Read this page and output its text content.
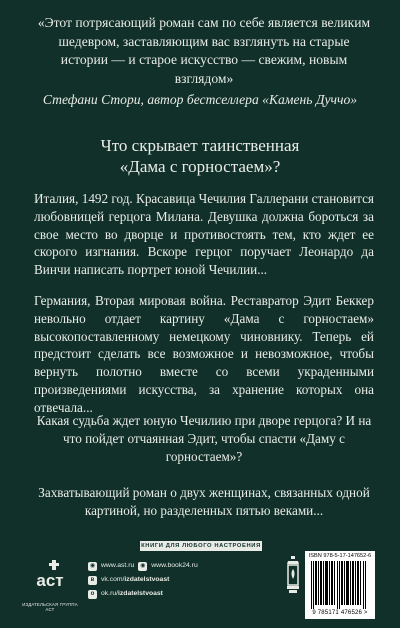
«Этот потрясающий роман сам по себе является великим шедевром, заставляющим вас взглянуть на старые истории — и старое искусство — свежим, новым взглядом»
Стефани Стори, автор бестселлера «Камень Дуччо»
Что скрывает таинственная
«Дама с горностаем»?
Италия, 1492 год. Красавица Чечилия Галлерани становится любовницей герцога Милана. Девушка должна бороться за свое место во дворце и противостоять тем, кто ждет ее скорого изгнания. Вскоре герцог поручает Леонардо да Винчи написать портрет юной Чечилии...
Германия, Вторая мировая война. Реставратор Эдит Беккер невольно отдает картину «Дама с горностаем» высокопоставленному немецкому чиновнику. Теперь ей предстоит сделать все возможное и невозможное, чтобы вернуть полотно вместе со всеми украденными произведениями искусства, за хранение которых она отвечала...
Какая судьба ждет юную Чечилию при дворе герцога? И на что пойдет отчаянная Эдит, чтобы спасти «Даму с горностаем»?
Захватывающий роман о двух женщинах, связанных одной картиной, но разделенных пятью веками...
КНИГИ ДЛЯ ЛЮБОГО НАСТРОЕНИЯ ЗДЕСЬ
аст
ИЗДАТЕЛЬСКАЯ ГРУППА АСТ
◉ www.ast.ru ◉ www.book24.ru
в vk.com/izdatelstvoast
о ok.ru/izdatelstvoast
ISBN 978-5-17-147652-6
9 785171 476526 >
